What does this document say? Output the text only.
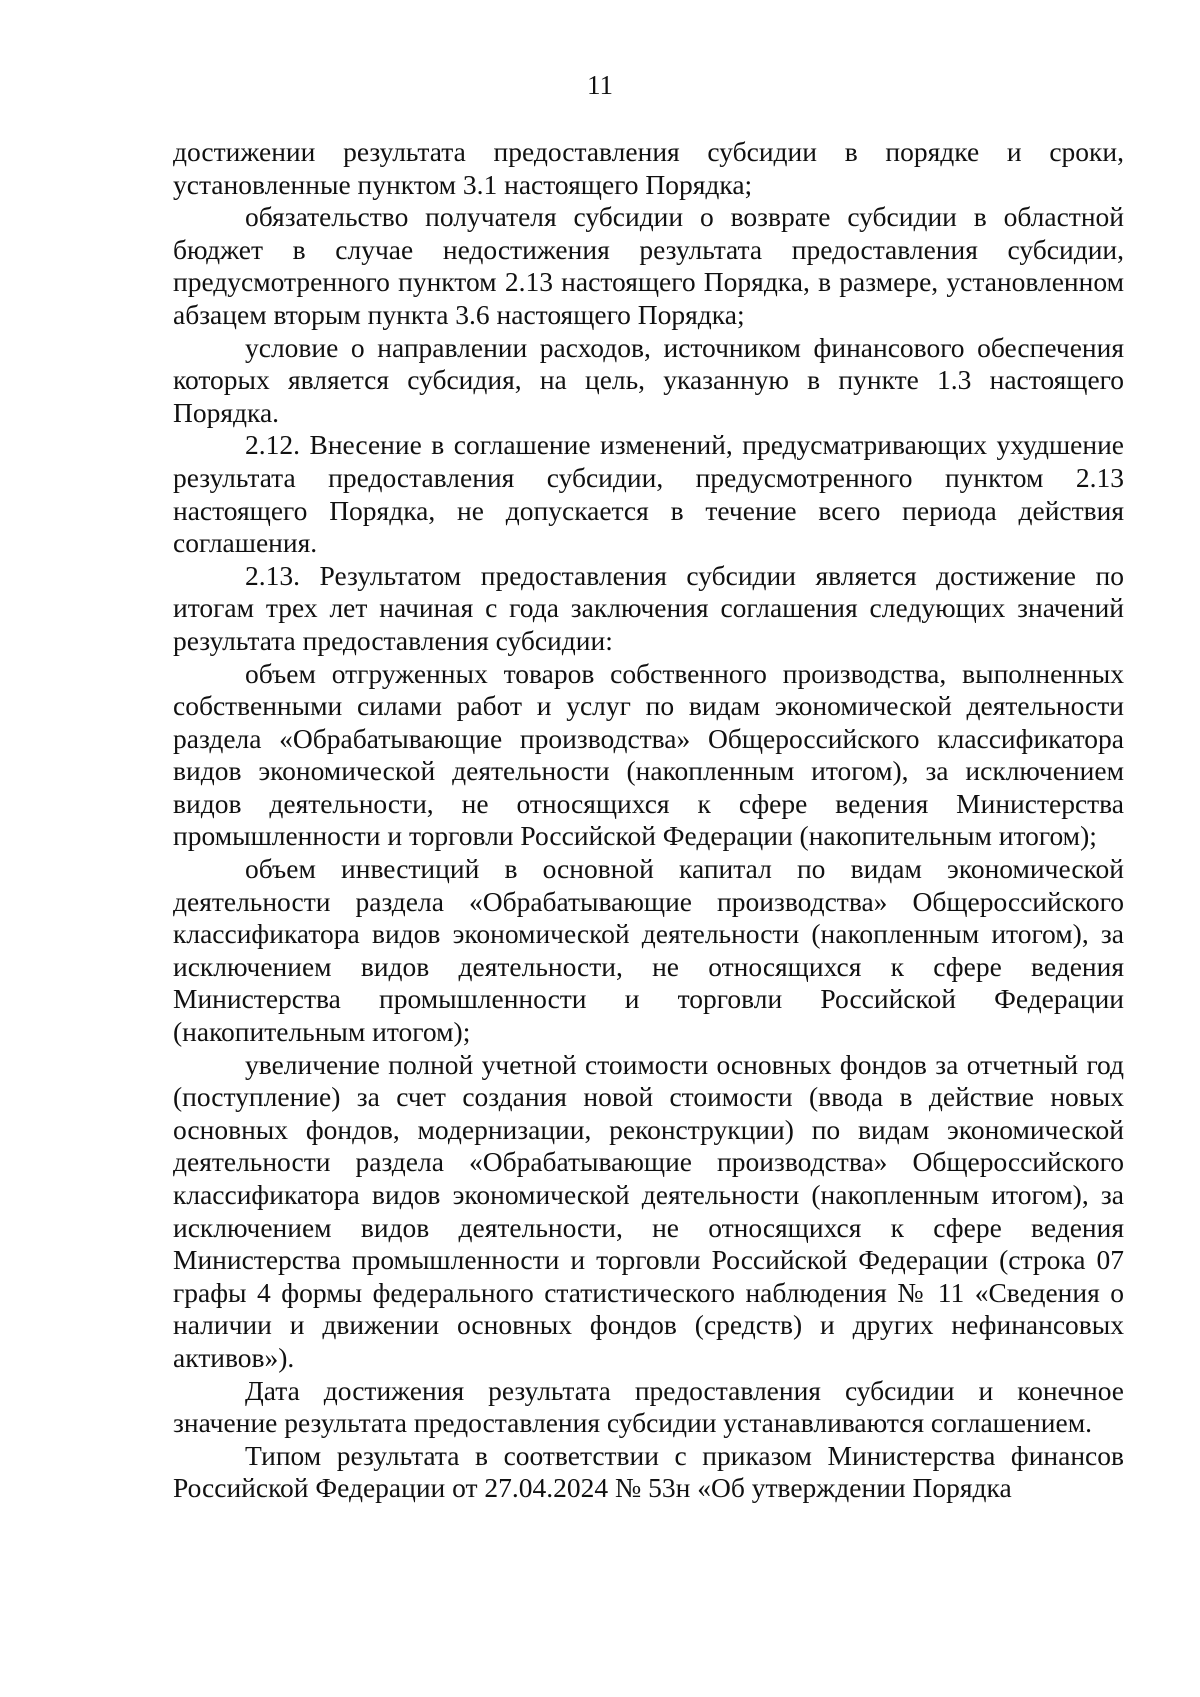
11

достижении результата предоставления субсидии в порядке и сроки, установленные пунктом 3.1 настоящего Порядка;

обязательство получателя субсидии о возврате субсидии в областной бюджет в случае недостижения результата предоставления субсидии, предусмотренного пунктом 2.13 настоящего Порядка, в размере, установленном абзацем вторым пункта 3.6 настоящего Порядка;

условие о направлении расходов, источником финансового обеспечения которых является субсидия, на цель, указанную в пункте 1.3 настоящего Порядка.

2.12. Внесение в соглашение изменений, предусматривающих ухудшение результата предоставления субсидии, предусмотренного пунктом 2.13 настоящего Порядка, не допускается в течение всего периода действия соглашения.

2.13. Результатом предоставления субсидии является достижение по итогам трех лет начиная с года заключения соглашения следующих значений результата предоставления субсидии:

объем отгруженных товаров собственного производства, выполненных собственными силами работ и услуг по видам экономической деятельности раздела «Обрабатывающие производства» Общероссийского классификатора видов экономической деятельности (накопленным итогом), за исключением видов деятельности, не относящихся к сфере ведения Министерства промышленности и торговли Российской Федерации (накопительным итогом);

объем инвестиций в основной капитал по видам экономической деятельности раздела «Обрабатывающие производства» Общероссийского классификатора видов экономической деятельности (накопленным итогом), за исключением видов деятельности, не относящихся к сфере ведения Министерства промышленности и торговли Российской Федерации (накопительным итогом);

увеличение полной учетной стоимости основных фондов за отчетный год (поступление) за счет создания новой стоимости (ввода в действие новых основных фондов, модернизации, реконструкции) по видам экономической деятельности раздела «Обрабатывающие производства» Общероссийского классификатора видов экономической деятельности (накопленным итогом), за исключением видов деятельности, не относящихся к сфере ведения Министерства промышленности и торговли Российской Федерации (строка 07 графы 4 формы федерального статистического наблюдения № 11 «Сведения о наличии и движении основных фондов (средств) и других нефинансовых активов»).

Дата достижения результата предоставления субсидии и конечное значение результата предоставления субсидии устанавливаются соглашением.

Типом результата в соответствии с приказом Министерства финансов Российской Федерации от 27.04.2024 № 53н «Об утверждении Порядка
